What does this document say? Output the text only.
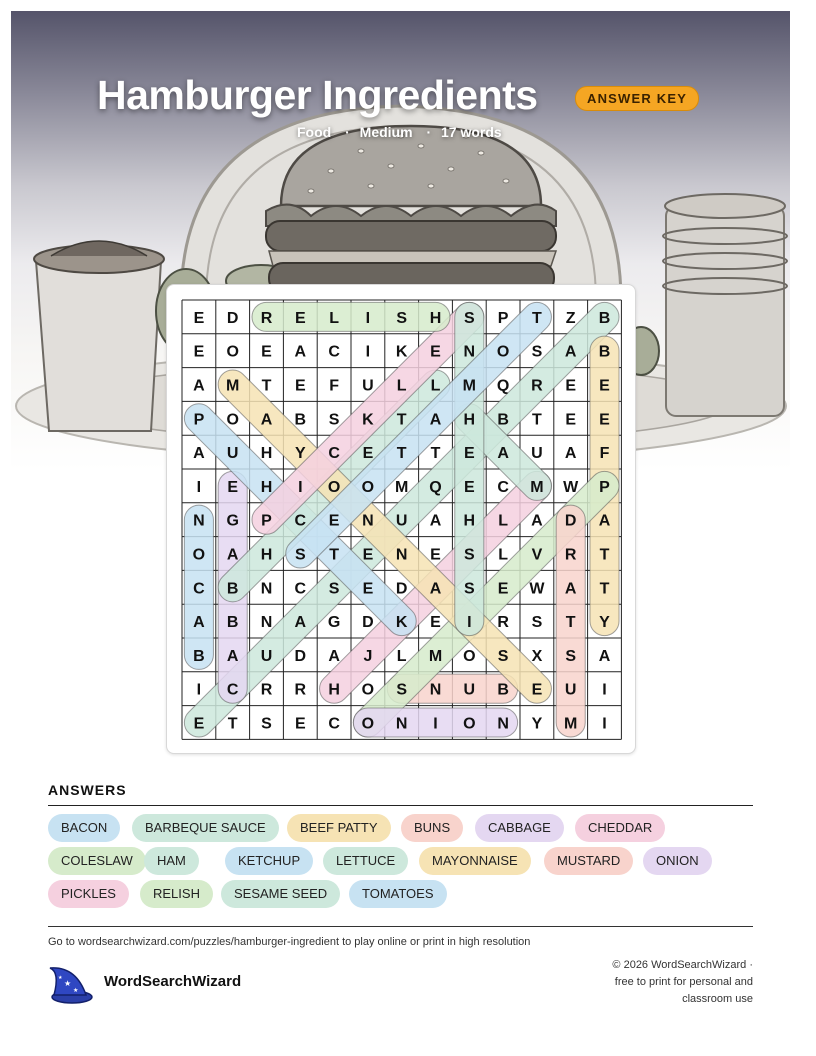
Hamburger Ingredients	ANSWER KEY
Food · Medium · 17 words
E D R E L I S H S P T Z B
E O E A C I K E N O S A B
A M T E F U L L M Q R E E
P O A B S K T A H B T E E
A U H Y C E T T E A U A F
I E H I O O M Q E C M W P
N G P C E N U A H L A D A
O A H S T E N E S L V R T
C B N C S E D A S E W A T
A B N A G D K E I R S T Y
B A U D A J L M O S X S A
I C R R H O S N U B E U I
E T S E C O N I O N Y M I
ANSWERS
BACON	BARBEQUE SAUCE	BEEF PATTY	BUNS	CABBAGE	CHEDDAR
COLESLAW	HAM	KETCHUP	LETTUCE	MAYONNAISE	MUSTARD	ONION
PICKLES	RELISH	SESAME SEED	TOMATOES
Go to wordsearchwizard.com/puzzles/hamburger-ingredient to play online or print in high resolution
★
★
★	WordSearchWizard
© 2026 WordSearchWizard ·
free to print for personal and
classroom use
